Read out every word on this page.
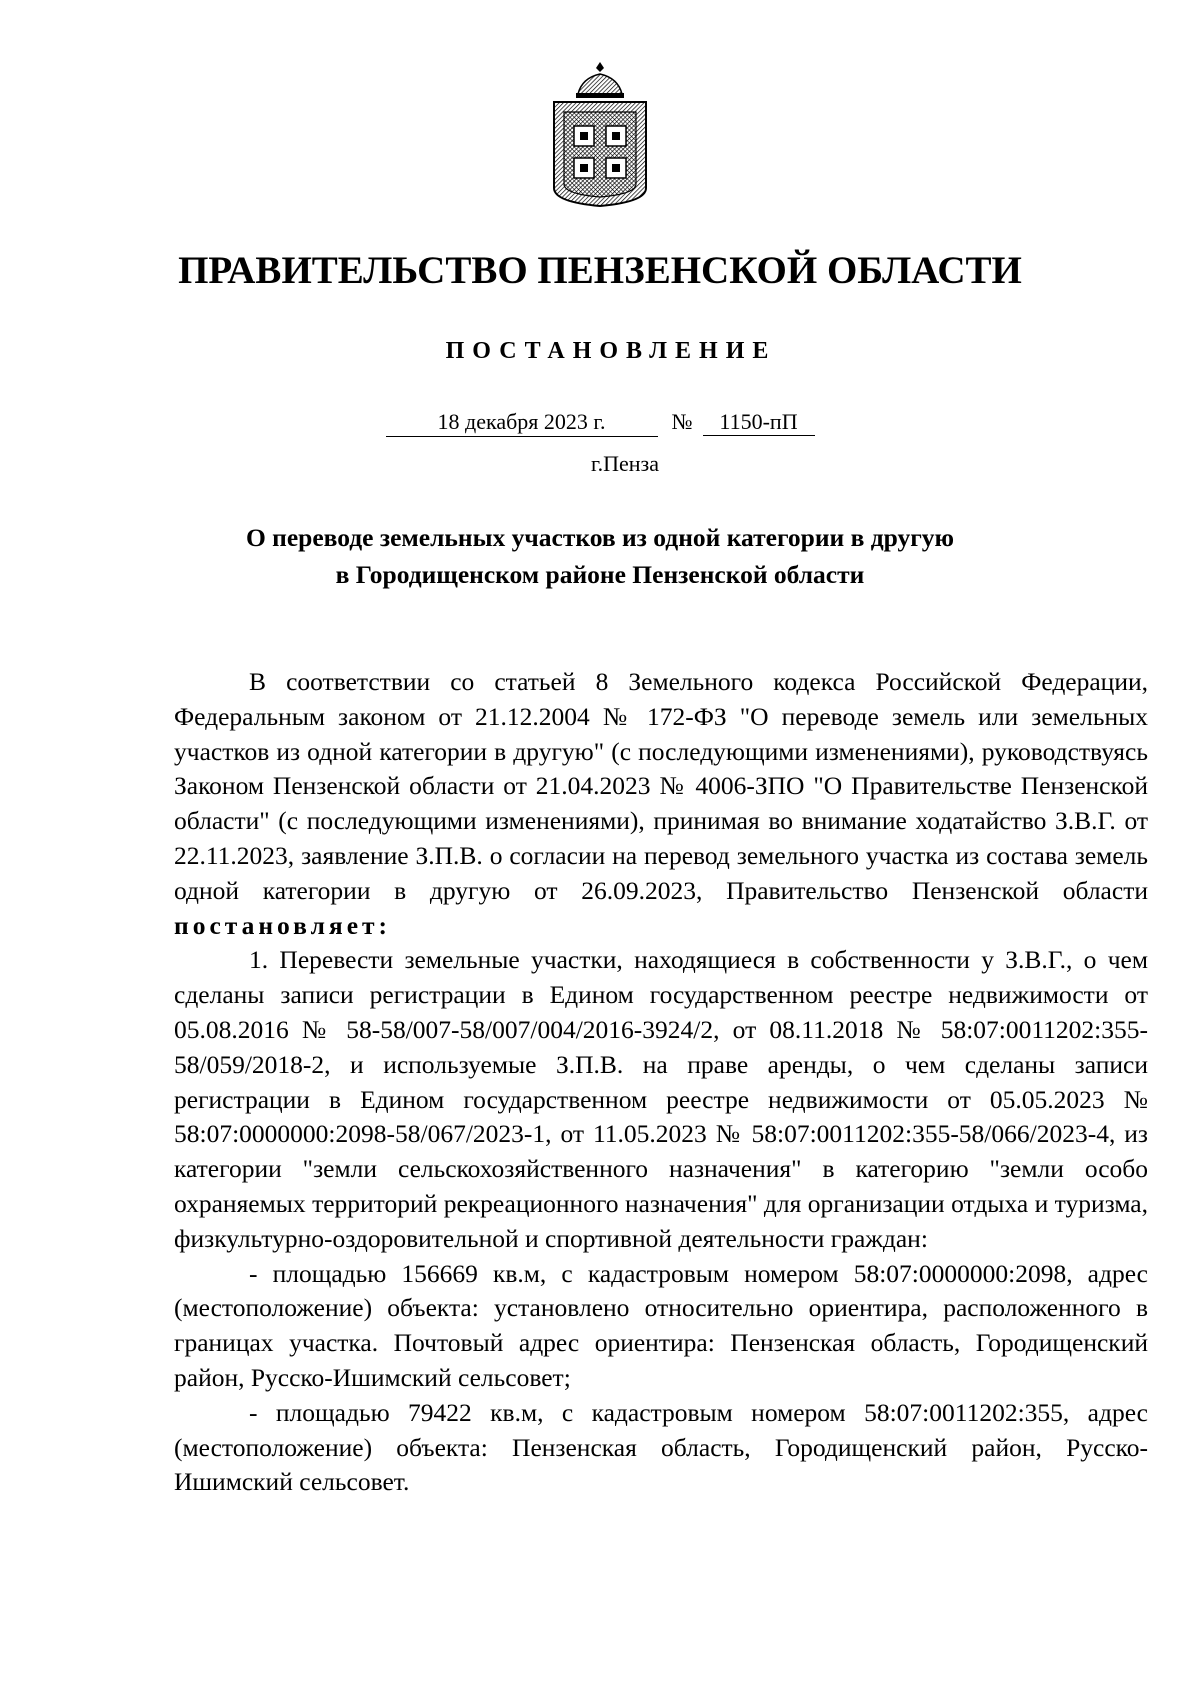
ПРАВИТЕЛЬСТВО ПЕНЗЕНСКОЙ ОБЛАСТИ
ПОСТАНОВЛЕНИЕ
18 декабря 2023 г.	№ 1150-пП
г.Пенза
О переводе земельных участков из одной категории в другую
в Городищенском районе Пензенской области

В соответствии со статьей 8 Земельного кодекса Российской Федерации, Федеральным законом от 21.12.2004 № 172-ФЗ "О переводе земель или земельных участков из одной категории в другую" (с последующими изменениями), руководствуясь Законом Пензенской области от 21.04.2023 № 4006-ЗПО "О Правительстве Пензенской области" (с последующими изменениями), принимая во внимание ходатайство З.В.Г. от 22.11.2023, заявление З.П.В. о согласии на перевод земельного участка из состава земель одной категории в другую от 26.09.2023, Правительство Пензенской области постановляет:

1. Перевести земельные участки, находящиеся в собственности у З.В.Г., о чем сделаны записи регистрации в Едином государственном реестре недвижимости от 05.08.2016 № 58-58/007-58/007/004/2016-3924/2, от 08.11.2018 № 58:07:0011202:355-58/059/2018-2, и используемые З.П.В. на праве аренды, о чем сделаны записи регистрации в Едином государственном реестре недвижимости от 05.05.2023 № 58:07:0000000:2098-58/067/2023-1, от 11.05.2023 № 58:07:0011202:355-58/066/2023-4, из категории "земли сельскохозяйственного назначения" в категорию "земли особо охраняемых территорий рекреационного назначения" для организации отдыха и туризма, физкультурно-оздоровительной и спортивной деятельности граждан:

- площадью 156669 кв.м, с кадастровым номером 58:07:0000000:2098, адрес (местоположение) объекта: установлено относительно ориентира, расположенного в границах участка. Почтовый адрес ориентира: Пензенская область, Городищенский район, Русско-Ишимский сельсовет;

- площадью 79422 кв.м, с кадастровым номером 58:07:0011202:355, адрес (местоположение) объекта: Пензенская область, Городищенский район, Русско-Ишимский сельсовет.
